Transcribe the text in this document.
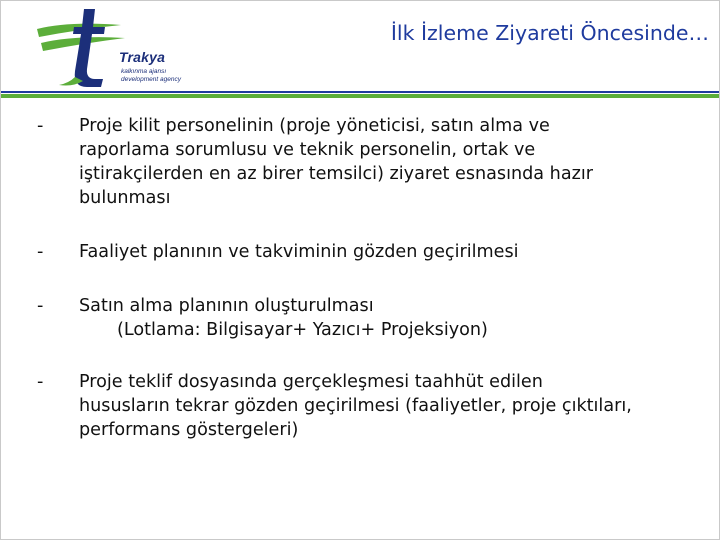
Trakya
kalkınma ajansı
development agency
İlk İzleme Ziyareti Öncesinde…
-	Proje kilit personelinin (proje yöneticisi, satın alma ve
raporlama sorumlusu ve teknik personelin, ortak ve
iştirakçilerden en az birer temsilci) ziyaret esnasında hazır
bulunması
-	Faaliyet planının ve takviminin gözden geçirilmesi
-	Satın alma planının oluşturulması
(Lotlama: Bilgisayar+ Yazıcı+ Projeksiyon)
-	Proje teklif dosyasında gerçekleşmesi taahhüt edilen
hususların tekrar gözden geçirilmesi (faaliyetler, proje çıktıları,
performans göstergeleri)
